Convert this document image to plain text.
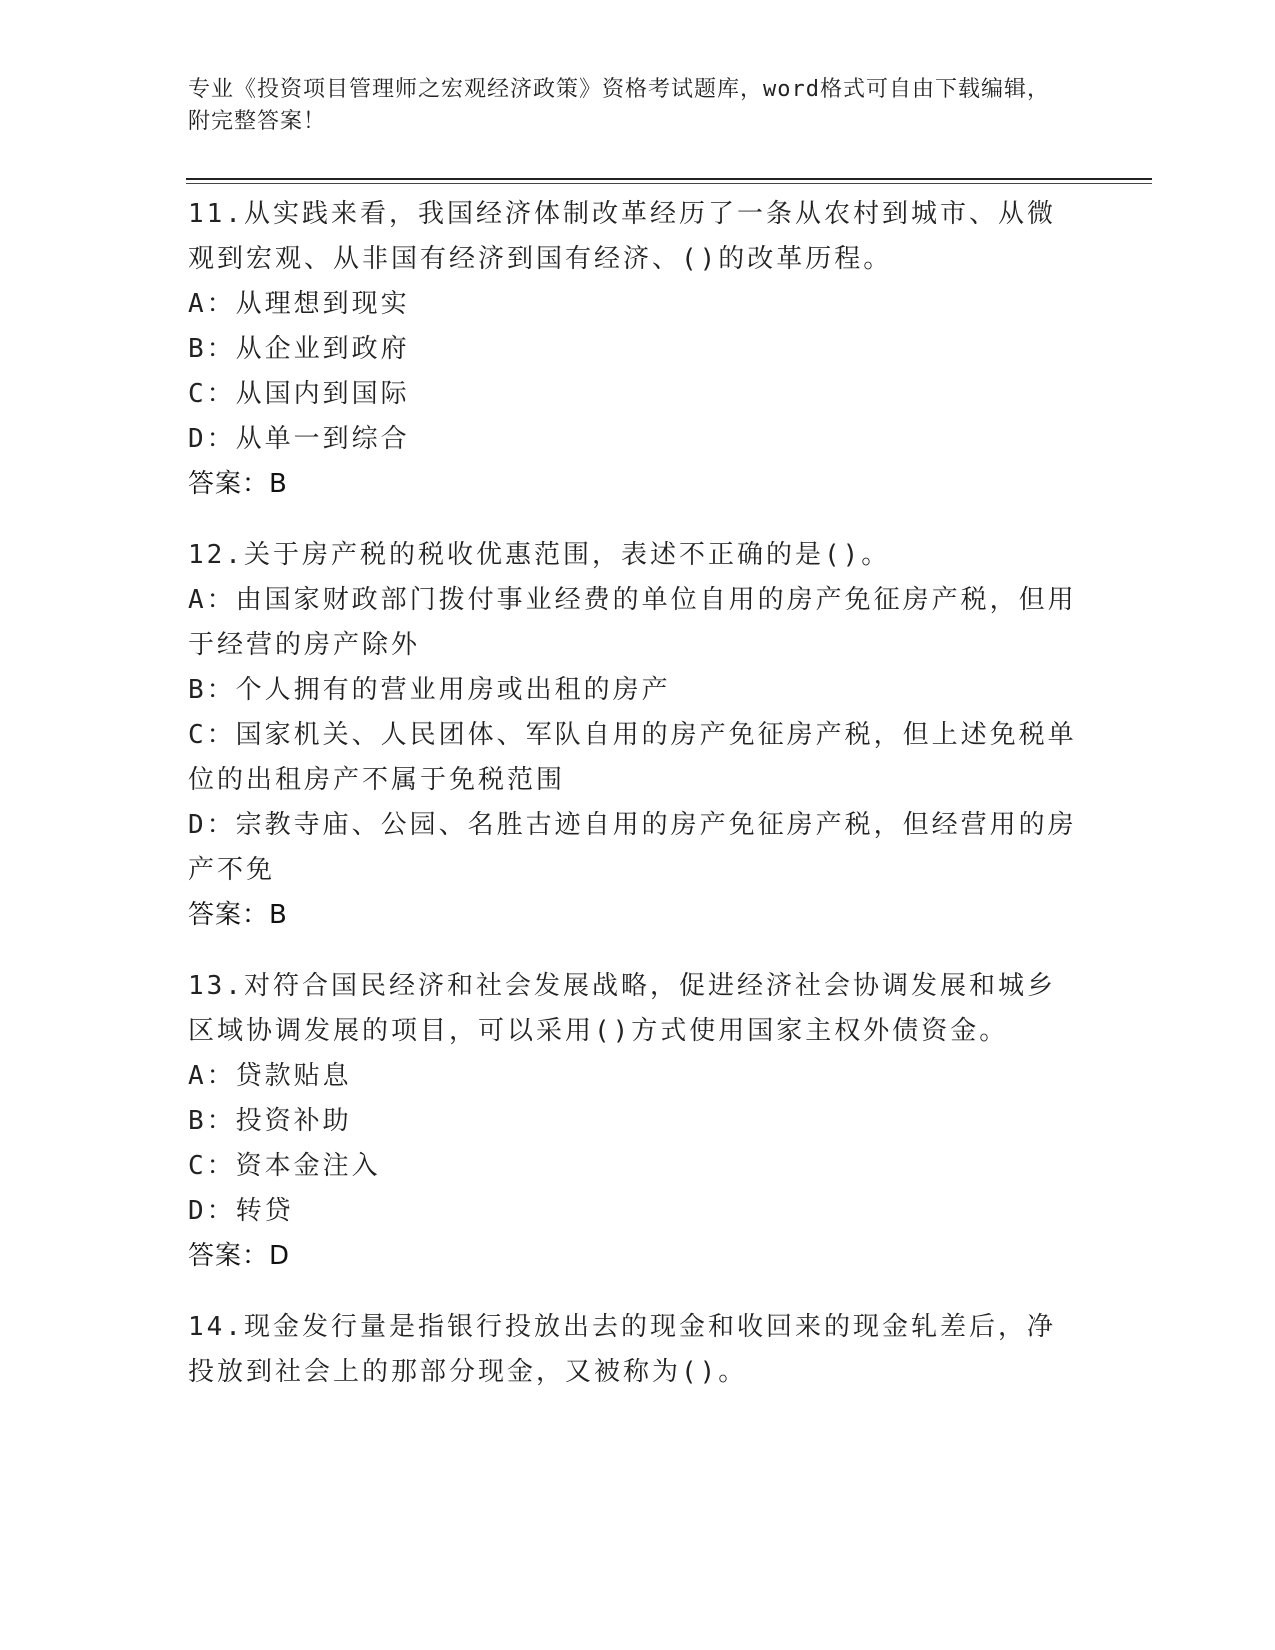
专业《投资项目管理师之宏观经济政策》资格考试题库，word格式可自由下载编辑，附完整答案！
11.从实践来看，我国经济体制改革经历了一条从农村到城市、从微观到宏观、从非国有经济到国有经济、()的改革历程。
A：从理想到现实
B：从企业到政府
C：从国内到国际
D：从单一到综合
答案：B
12.关于房产税的税收优惠范围，表述不正确的是()。
A：由国家财政部门拨付事业经费的单位自用的房产免征房产税，但用于经营的房产除外
B：个人拥有的营业用房或出租的房产
C：国家机关、人民团体、军队自用的房产免征房产税，但上述免税单位的出租房产不属于免税范围
D：宗教寺庙、公园、名胜古迹自用的房产免征房产税，但经营用的房产不免
答案：B
13.对符合国民经济和社会发展战略，促进经济社会协调发展和城乡区域协调发展的项目，可以采用()方式使用国家主权外债资金。
A：贷款贴息
B：投资补助
C：资本金注入
D：转贷
答案：D
14.现金发行量是指银行投放出去的现金和收回来的现金轧差后，净投放到社会上的那部分现金，又被称为()。
